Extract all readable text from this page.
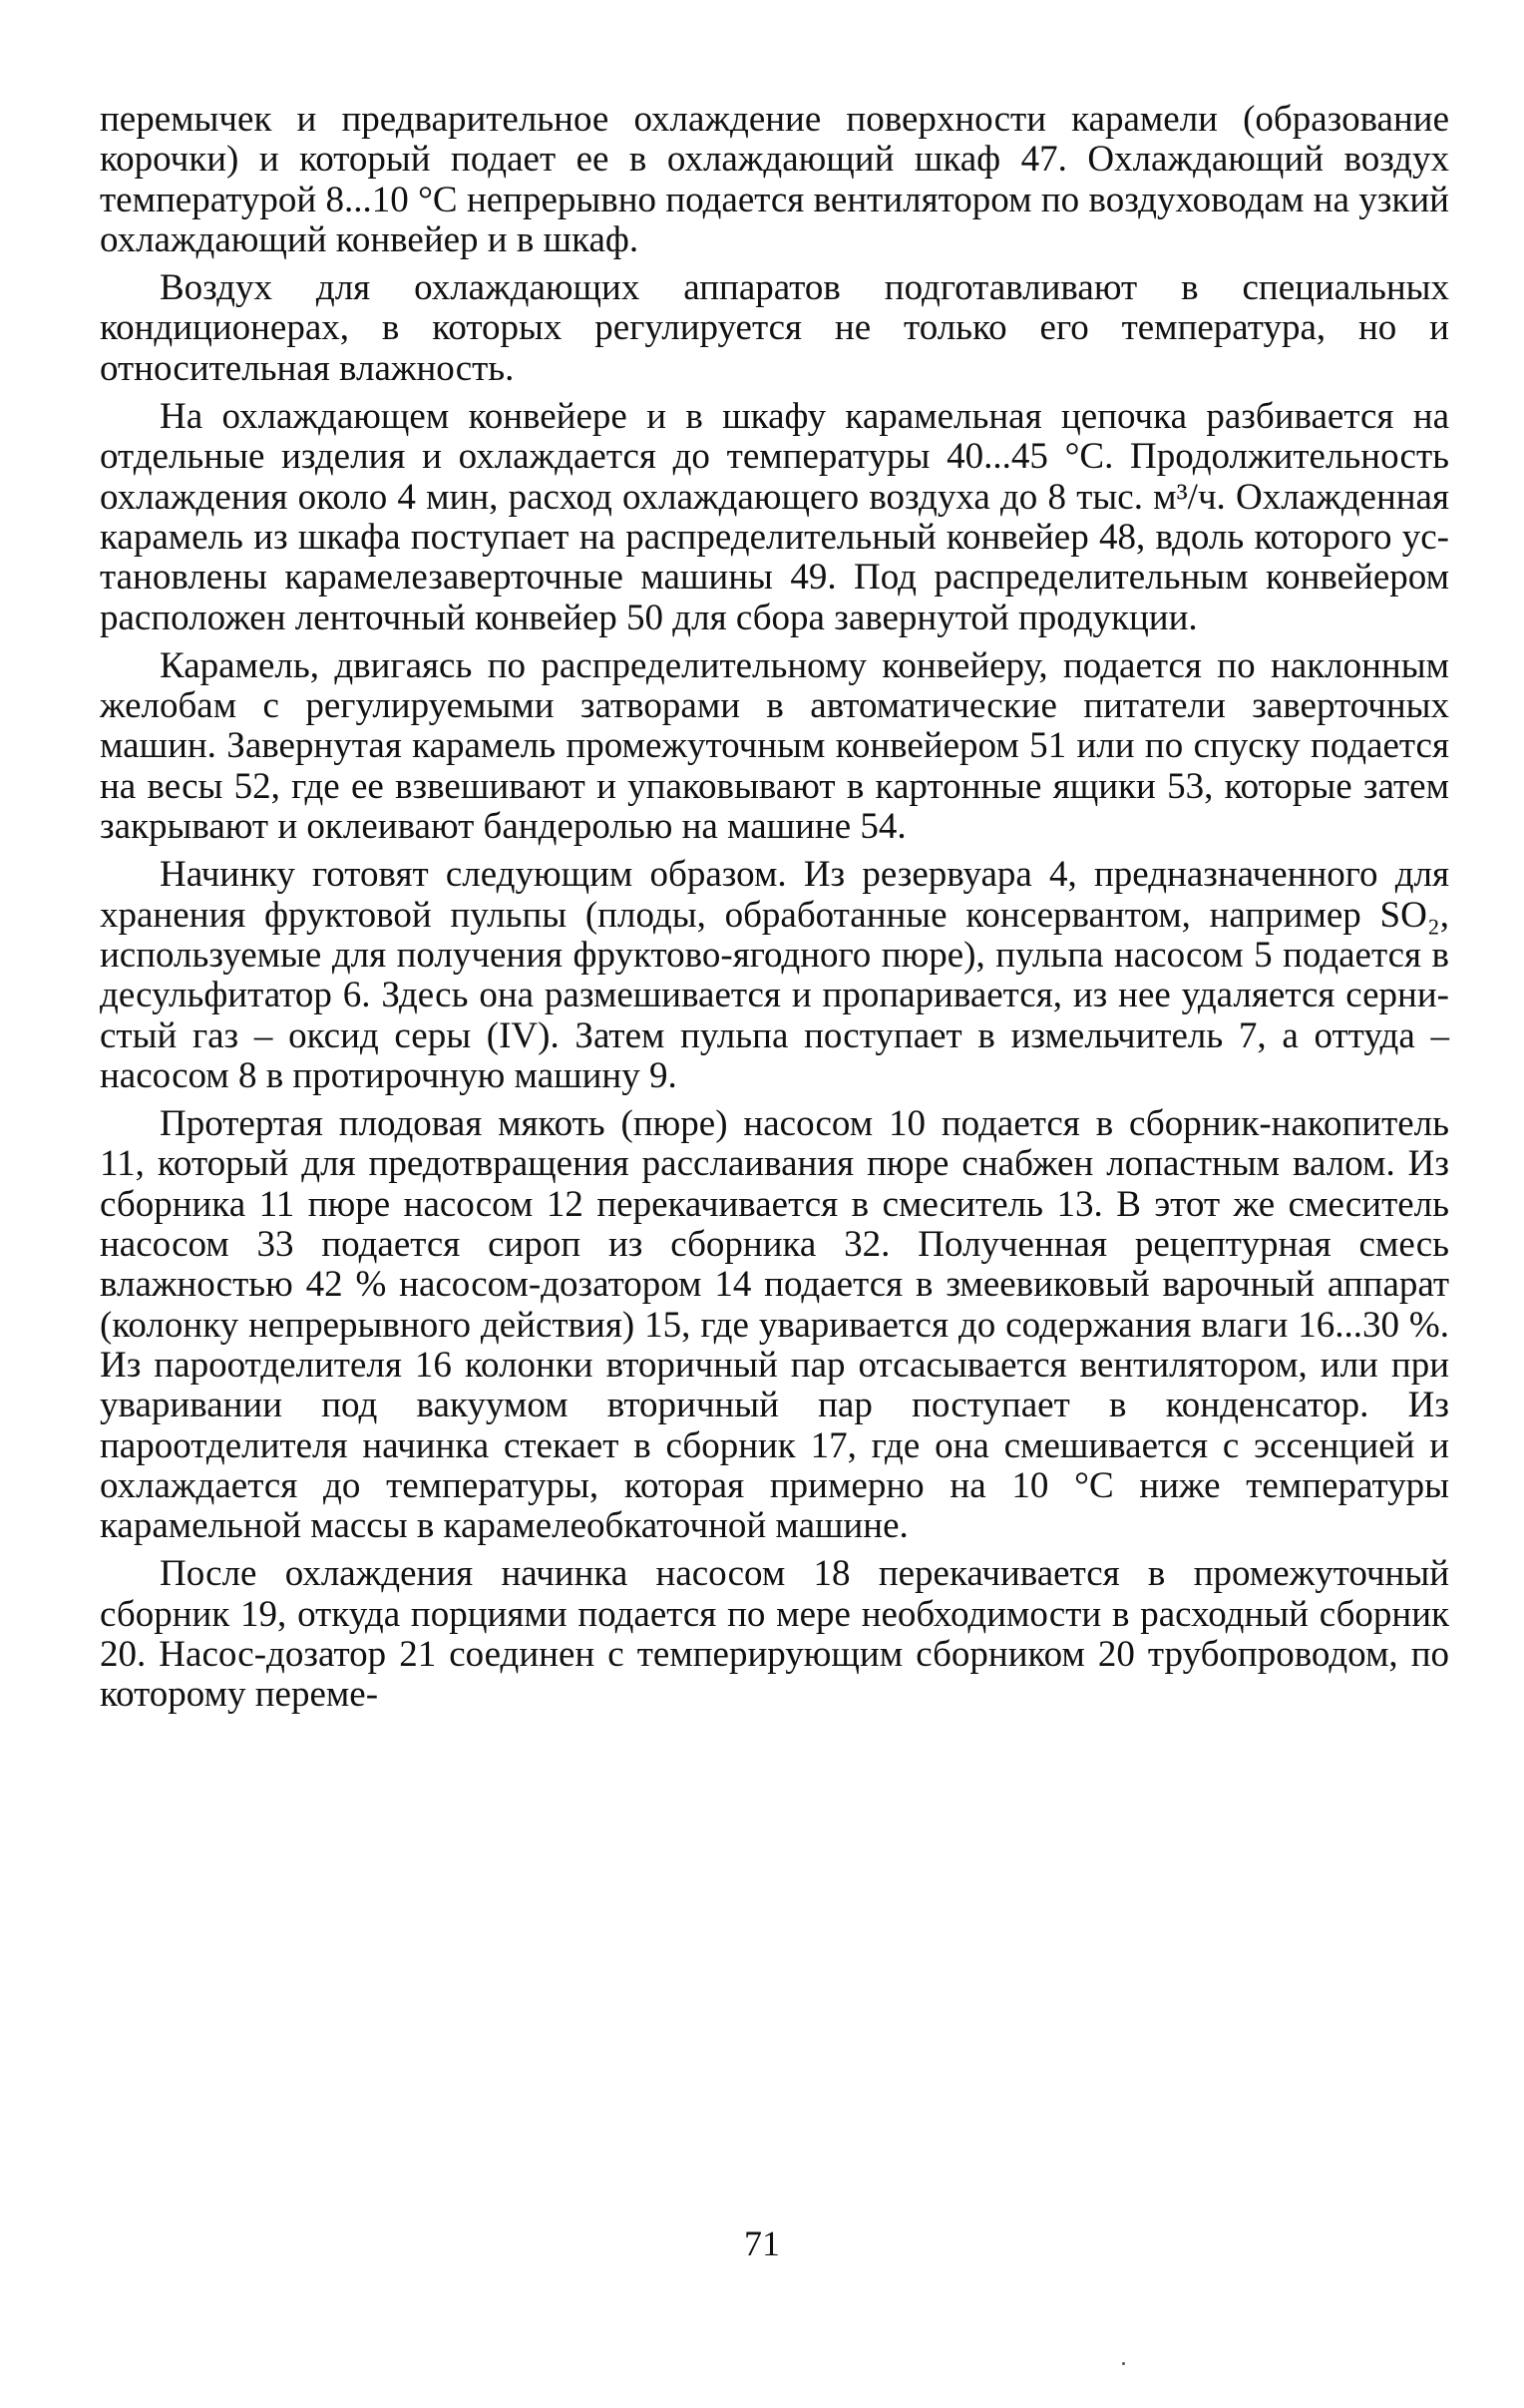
перемычек и предварительное охлаждение поверхности карамели (образование корочки) и который подает ее в охлаждающий шкаф 47. Охлаждающий воздух температурой 8...10 °С непрерывно подается вентилятором по воздуховодам на узкий охлаждающий конвейер и в шкаф.

Воздух для охлаждающих аппаратов подготавливают в специальных кондиционерах, в которых регулируется не только его температура, но и относительная влажность.

На охлаждающем конвейере и в шкафу карамельная цепочка разбивается на отдельные изделия и охлаждается до температуры 40...45 °С. Продолжительность охлаждения около 4 мин, расход охлаждающего воздуха до 8 тыс. м³/ч. Охлажденная карамель из шкафа поступает на распределительный конвейер 48, вдоль которого установлены карамелезаверточные машины 49. Под распределительным конвейером расположен ленточный конвейер 50 для сбора завернутой продукции.

Карамель, двигаясь по распределительному конвейеру, подается по наклонным желобам с регулируемыми затворами в автоматические питатели заверточных машин. Завернутая карамель промежуточным конвейером 51 или по спуску подается на весы 52, где ее взвешивают и упаковывают в картонные ящики 53, которые затем закрывают и оклеивают бандеролью на машине 54.

Начинку готовят следующим образом. Из резервуара 4, предназначенного для хранения фруктовой пульпы (плоды, обработанные консервантом, например SO₂, используемые для получения фруктово-ягодного пюре), пульпа насосом 5 подается в десульфитатор 6. Здесь она размешивается и пропаривается, из нее удаляется сернистый газ – оксид серы (IV). Затем пульпа поступает в измельчитель 7, а оттуда – насосом 8 в протирочную машину 9.

Протертая плодовая мякоть (пюре) насосом 10 подается в сборник-накопитель 11, который для предотвращения расслаивания пюре снабжен лопастным валом. Из сборника 11 пюре насосом 12 перекачивается в смеситель 13. В этот же смеситель насосом 33 подается сироп из сборника 32. Полученная рецептурная смесь влажностью 42 % насосом-дозатором 14 подается в змеевиковый варочный аппарат (колонку непрерывного действия) 15, где уваривается до содержания влаги 16...30 %. Из пароотделителя 16 колонки вторичный пар отсасывается вентилятором, или при уваривании под вакуумом вторичный пар поступает в конденсатор. Из пароотделителя начинка стекает в сборник 17, где она смешивается с эссенцией и охлаждается до температуры, которая примерно на 10 °С ниже температуры карамельной массы в карамелеобкаточной машине.

После охлаждения начинка насосом 18 перекачивается в промежуточный сборник 19, откуда порциями подается по мере необходимости в расходный сборник 20. Насос-дозатор 21 соединен с темперирующим сборником 20 трубопроводом, по которому переме-

71
